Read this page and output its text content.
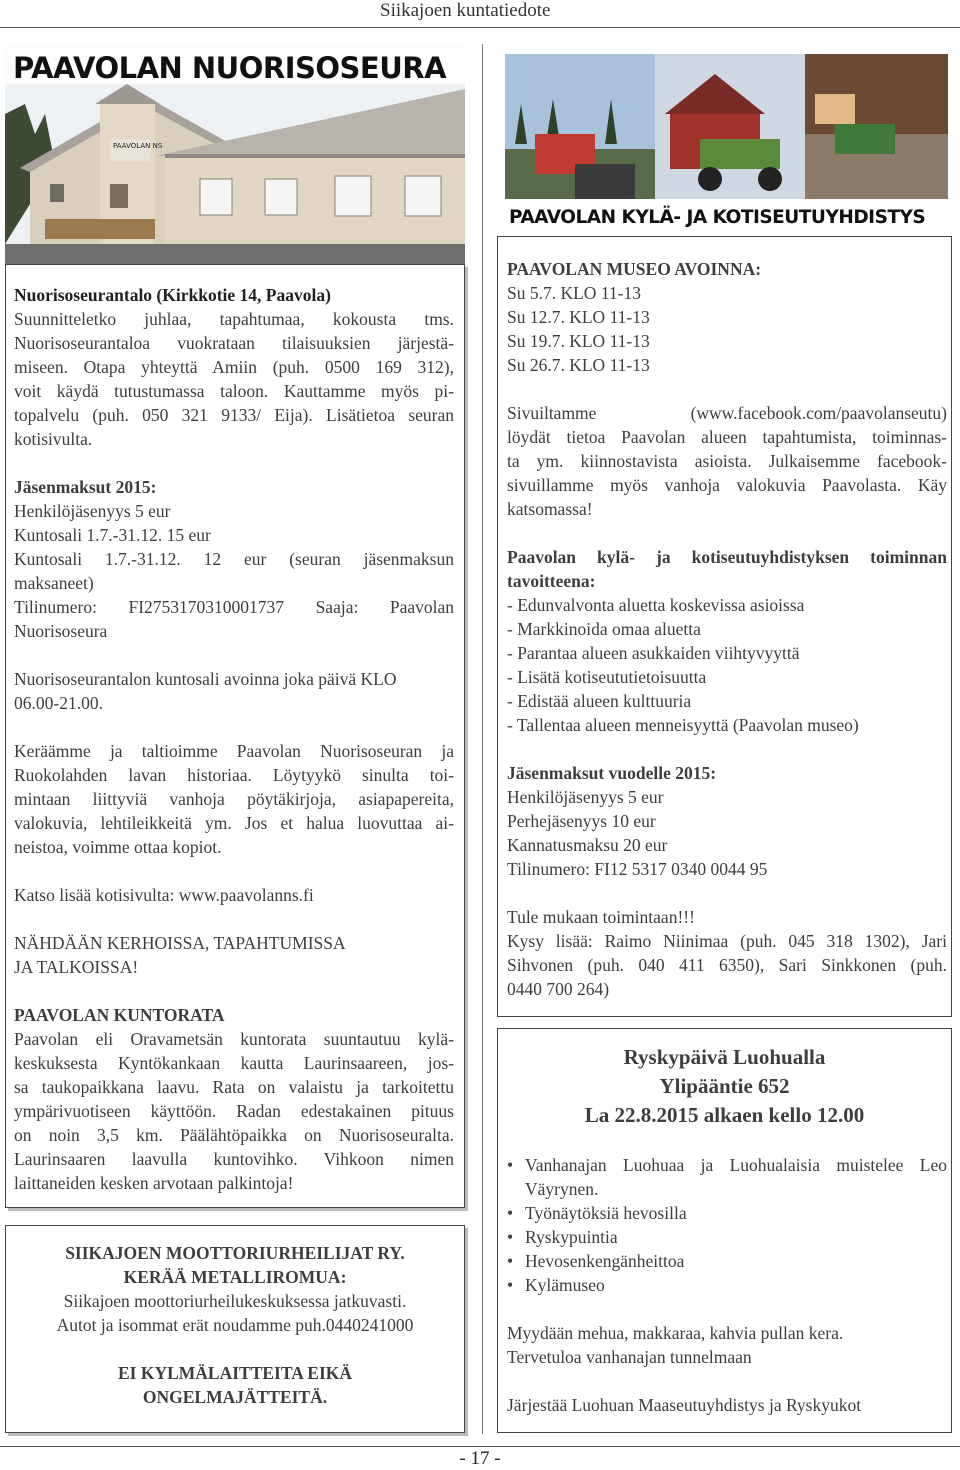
Siikajoen kuntatiedote
PAAVOLAN NS
PAAVOLAN NUORISOSEURA
PAAVOLAN KYLÄ- JA KOTISEUTUYHDISTYS

Nuorisoseurantalo (Kirkkotie 14, Paavola)

Suunnitteletko juhlaa, tapahtumaa, kokousta tms.

Nuorisoseurantaloa vuokrataan tilaisuuksien järjestä-

miseen. Otapa yhteyttä Amiin (puh. 0500 169 312),

voit käydä tutustumassa taloon. Kauttamme myös pi-

topalvelu (puh. 050 321 9133/ Eija). Lisätietoa seuran

kotisivulta.

Jäsenmaksut 2015:

Henkilöjäsenyys 5 eur

Kuntosali 1.7.-31.12. 15 eur

Kuntosali 1.7.-31.12. 12 eur (seuran jäsenmaksun

maksaneet)

Tilinumero: FI2753170310001737 Saaja: Paavolan

Nuorisoseura

Nuorisoseurantalon kuntosali avoinna joka päivä KLO

06.00-21.00.

Keräämme ja taltioimme Paavolan Nuorisoseuran ja

Ruokolahden lavan historiaa. Löytyykö sinulta toi-

mintaan liittyviä vanhoja pöytäkirjoja, asiapapereita,

valokuvia, lehtileikkeitä ym. Jos et halua luovuttaa ai-

neistoa, voimme ottaa kopiot.

Katso lisää kotisivulta: www.paavolanns.fi

NÄHDÄÄN KERHOISSA, TAPAHTUMISSA

JA TALKOISSA!

PAAVOLAN KUNTORATA

Paavolan eli Oravametsän kuntorata suuntautuu kylä-

keskuksesta Kyntökankaan kautta Laurinsaareen, jos-

sa taukopaikkana laavu. Rata on valaistu ja tarkoitettu

ympärivuotiseen käyttöön. Radan edestakainen pituus

on noin 3,5 km. Päälähtöpaikka on Nuorisoseuralta.

Laurinsaaren laavulla kuntovihko. Vihkoon nimen

laittaneiden kesken arvotaan palkintoja!

SIIKAJOEN MOOTTORIURHEILIJAT RY.

KERÄÄ METALLIROMUA:

Siikajoen moottoriurheilukeskuksessa jatkuvasti.

Autot ja isommat erät noudamme puh.0440241000

EI KYLMÄLAITTEITA EIKÄ

ONGELMAJÄTTEITÄ.

PAAVOLAN MUSEO AVOINNA:

Su 5.7. KLO 11-13

Su 12.7. KLO 11-13

Su 19.7. KLO 11-13

Su 26.7. KLO 11-13

Sivuiltamme (www.facebook.com/paavolanseutu)

löydät tietoa Paavolan alueen tapahtumista, toiminnas-

ta ym. kiinnostavista asioista. Julkaisemme facebook-

sivuillamme myös vanhoja valokuvia Paavolasta. Käy

katsomassa!

Paavolan kylä- ja kotiseutuyhdistyksen toiminnan

tavoitteena:

- Edunvalvonta aluetta koskevissa asioissa

- Markkinoida omaa aluetta

- Parantaa alueen asukkaiden viihtyvyyttä

- Lisätä kotiseututietoisuutta

- Edistää alueen kulttuuria

- Tallentaa alueen menneisyyttä (Paavolan museo)

Jäsenmaksut vuodelle 2015:

Henkilöjäsenyys 5 eur

Perhejäsenyys 10 eur

Kannatusmaksu 20 eur

Tilinumero: FI12 5317 0340 0044 95

Tule mukaan toimintaan!!!

Kysy lisää: Raimo Niinimaa (puh. 045 318 1302), Jari

Sihvonen (puh. 040 411 6350), Sari Sinkkonen (puh.

0440 700 264)

Ryskypäivä Luohualla

Ylipääntie 652

La 22.8.2015 alkaen kello 12.00

• Vanhanajan Luohuaa ja Luohualaisia muistelee Leo

Väyrynen.

• Työnäytöksiä hevosilla
• Ryskypuintia
• Hevosenkengänheittoa
• Kylämuseo

Myydään mehua, makkaraa, kahvia pullan kera.

Tervetuloa vanhanajan tunnelmaan

Järjestää Luohuan Maaseutuyhdistys ja Ryskyukot

- 17 -
